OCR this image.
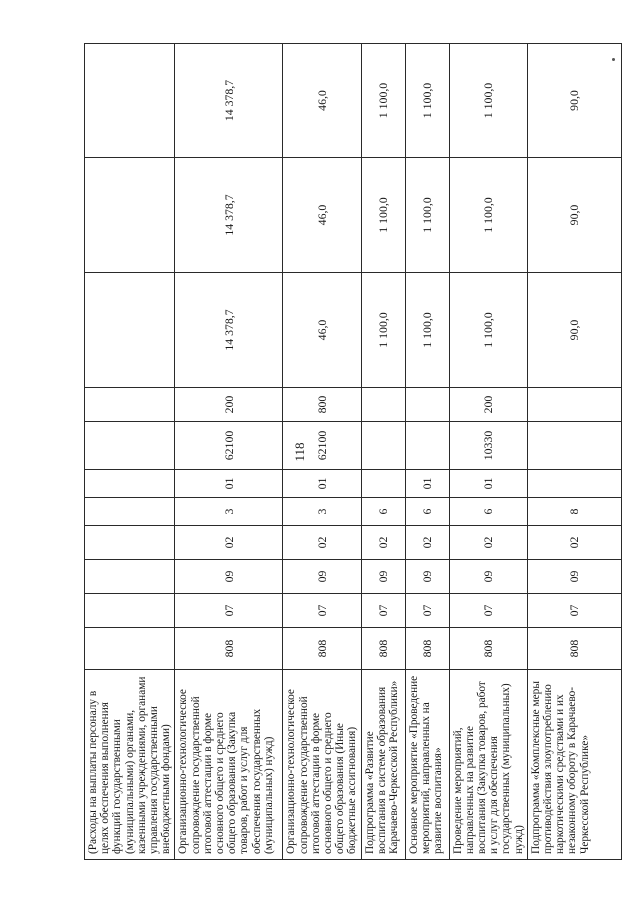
118
(Расходы на выплаты персоналу в целях обеспечения выполнения функций государственными (муниципальными) органами, казенными учреждениями, органами управления государственными внебюджетными фондами)											
Организационно-технологическое сопровождение государственной итоговой аттестации в форме основного общего и среднего общего образования (Закупка товаров, работ и услуг для обеспечения государственных (муниципальных) нужд)	808	07	09	02	3	01	62100	200	14 378,7	14 378,7	14 378,7
Организационно-технологическое сопровождение государственной итоговой аттестации в форме основного общего и среднего общего образования (Иные бюджетные ассигнования)	808	07	09	02	3	01	62100	800	46,0	46,0	46,0
Подпрограмма «Развитие воспитания в системе образования Карачаево-Черкесской Республики»	808	07	09	02	6				1 100,0	1 100,0	1 100,0
Основное мероприятие «Проведение мероприятий, направленных на развитие воспитания»	808	07	09	02	6	01			1 100,0	1 100,0	1 100,0
Проведение мероприятий, направленных на развитие воспитания (Закупка товаров, работ и услуг для обеспечения государственных (муниципальных) нужд)	808	07	09	02	6	01	10330	200	1 100,0	1 100,0	1 100,0
Подпрограмма «Комплексные меры противодействия злоупотреблению наркотическими средствами и их незаконному обороту в Карачаево-Черкесской Республике»	808	07	09	02	8				90,0	90,0	90,0
